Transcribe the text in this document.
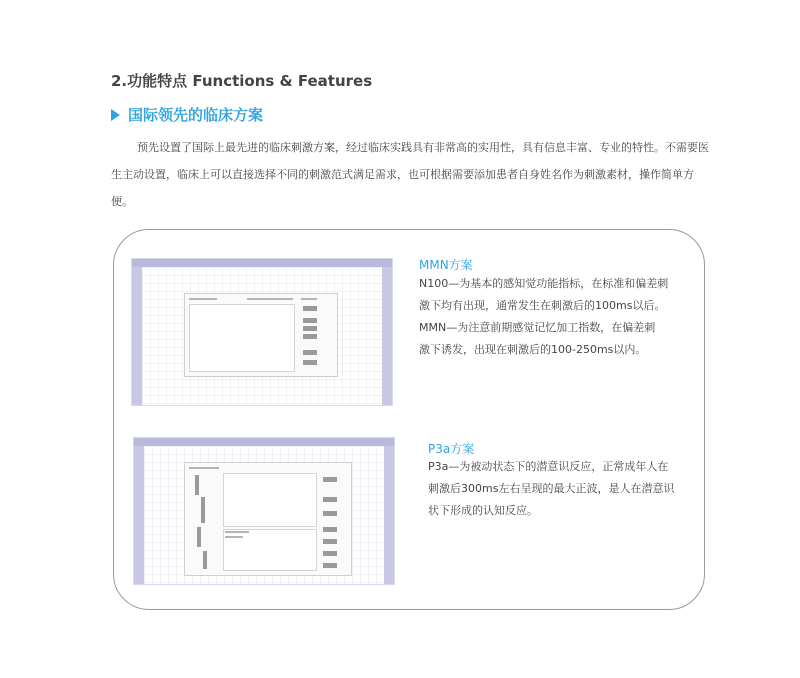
2.功能特点 Functions & Features
国际领先的临床方案

预先设置了国际上最先进的临床刺激方案，经过临床实践具有非常高的实用性，具有信息丰富、专业的特性。不需要医生主动设置，临床上可以直接选择不同的刺激范式满足需求，也可根据需要添加患者自身姓名作为刺激素材，操作简单方便。

MMN方案

N100—为基本的感知觉功能指标，在标准和偏差刺
激下均有出现，通常发生在刺激后的100ms以后。
MMN—为注意前期感觉记忆加工指数，在偏差刺
激下诱发，出现在刺激后的100-250ms以内。

P3a方案

P3a—为被动状态下的潜意识反应，正常成年人在
刺激后300ms左右呈现的最大正波，是人在潜意识
状下形成的认知反应。
